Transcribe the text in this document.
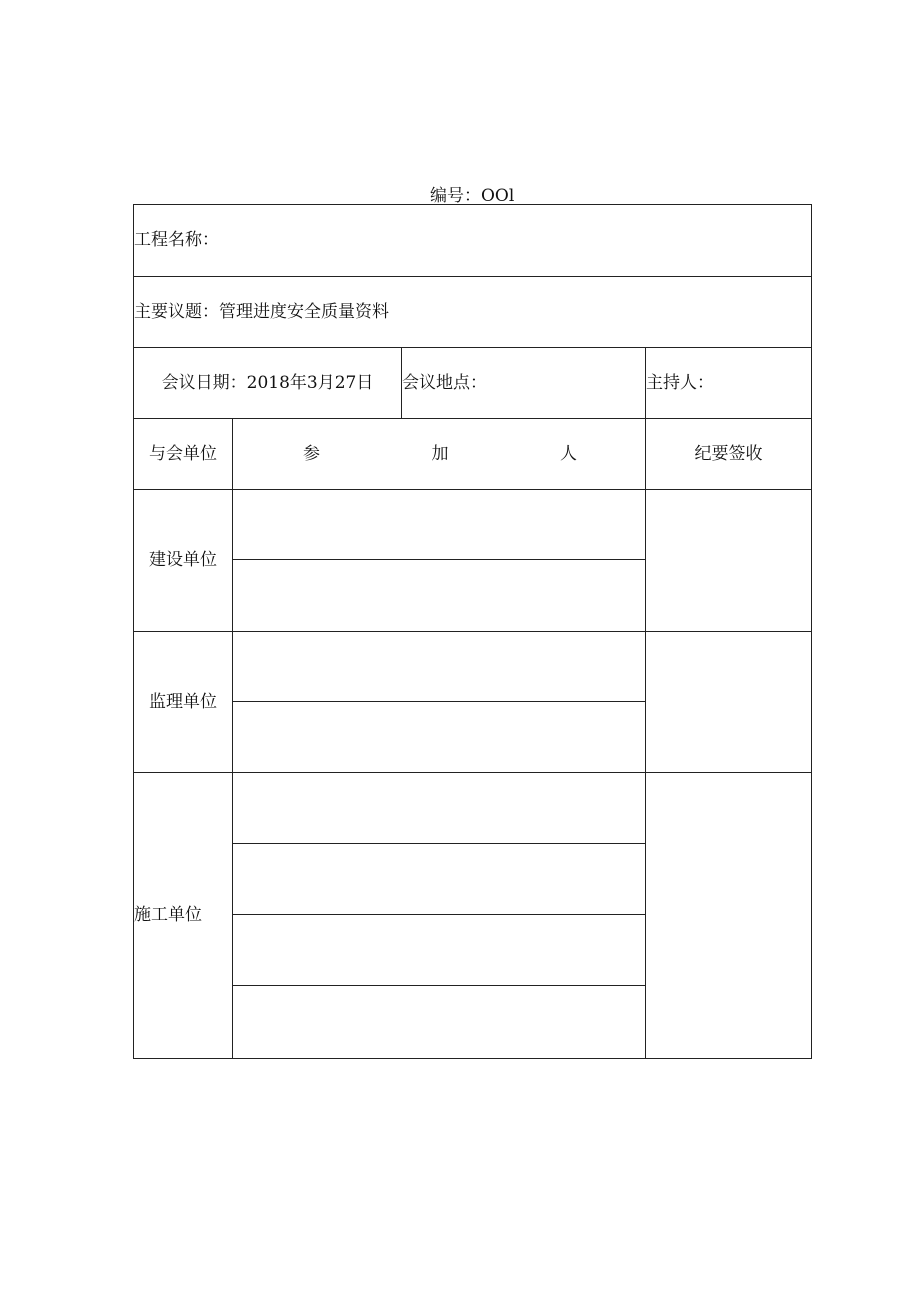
编号：OOl
工程名称：			
主要议题：管理进度安全质量资料			
会议日期：2018年3月27日		会议地点：	主持人：
与会单位	参 加 人		纪要签收
建设单位		

监理单位		

施工单位		
